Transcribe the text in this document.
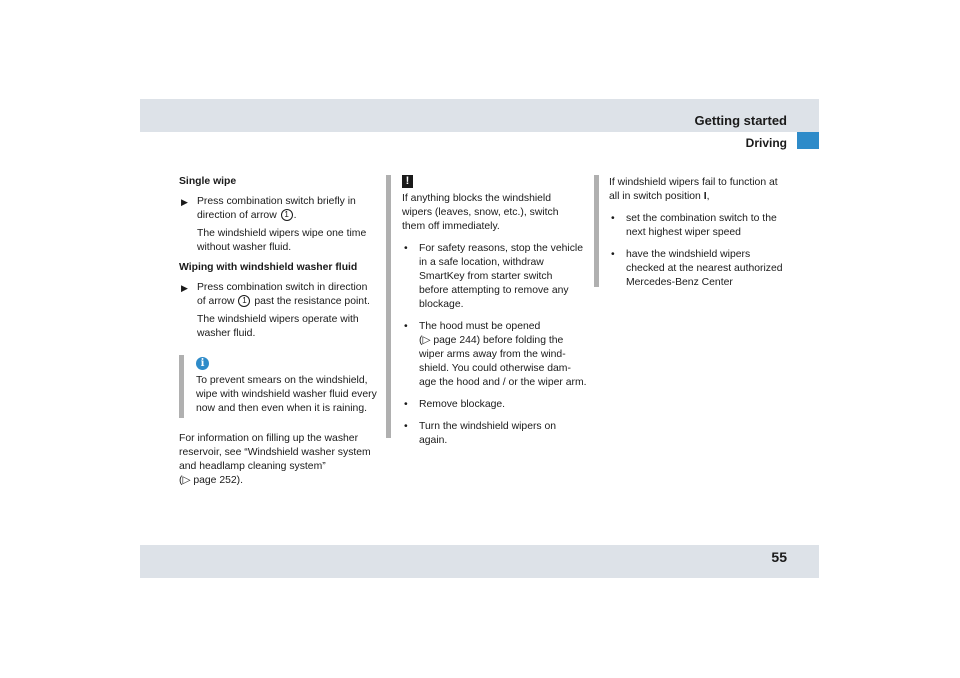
Getting started
Driving

Single wipe

▶ Press combination switch briefly in

direction of arrow 1 .

The windshield wipers wipe one time

without washer fluid.

Wiping with windshield washer fluid

▶ Press combination switch in direction

of arrow 1 past the resistance point.

The windshield wipers operate with

washer fluid.

i

To prevent smears on the windshield,

wipe with windshield washer fluid every

now and then even when it is raining.

For information on filling up the washer

reservoir, see “Windshield washer system

and headlamp cleaning system”

(▷ page 252).

!

If anything blocks the windshield

wipers (leaves, snow, etc.), switch

them off immediately.

• For safety reasons, stop the vehicle

in a safe location, withdraw

SmartKey from starter switch

before attempting to remove any

blockage.

• The hood must be opened

(▷ page 244) before folding the

wiper arms away from the wind-

shield. You could otherwise dam-

age the hood and / or the wiper arm.

• Remove blockage.

• Turn the windshield wipers on

again.

If windshield wipers fail to function at

all in switch position I,

• set the combination switch to the

next highest wiper speed

• have the windshield wipers

checked at the nearest authorized

Mercedes-Benz Center

55
